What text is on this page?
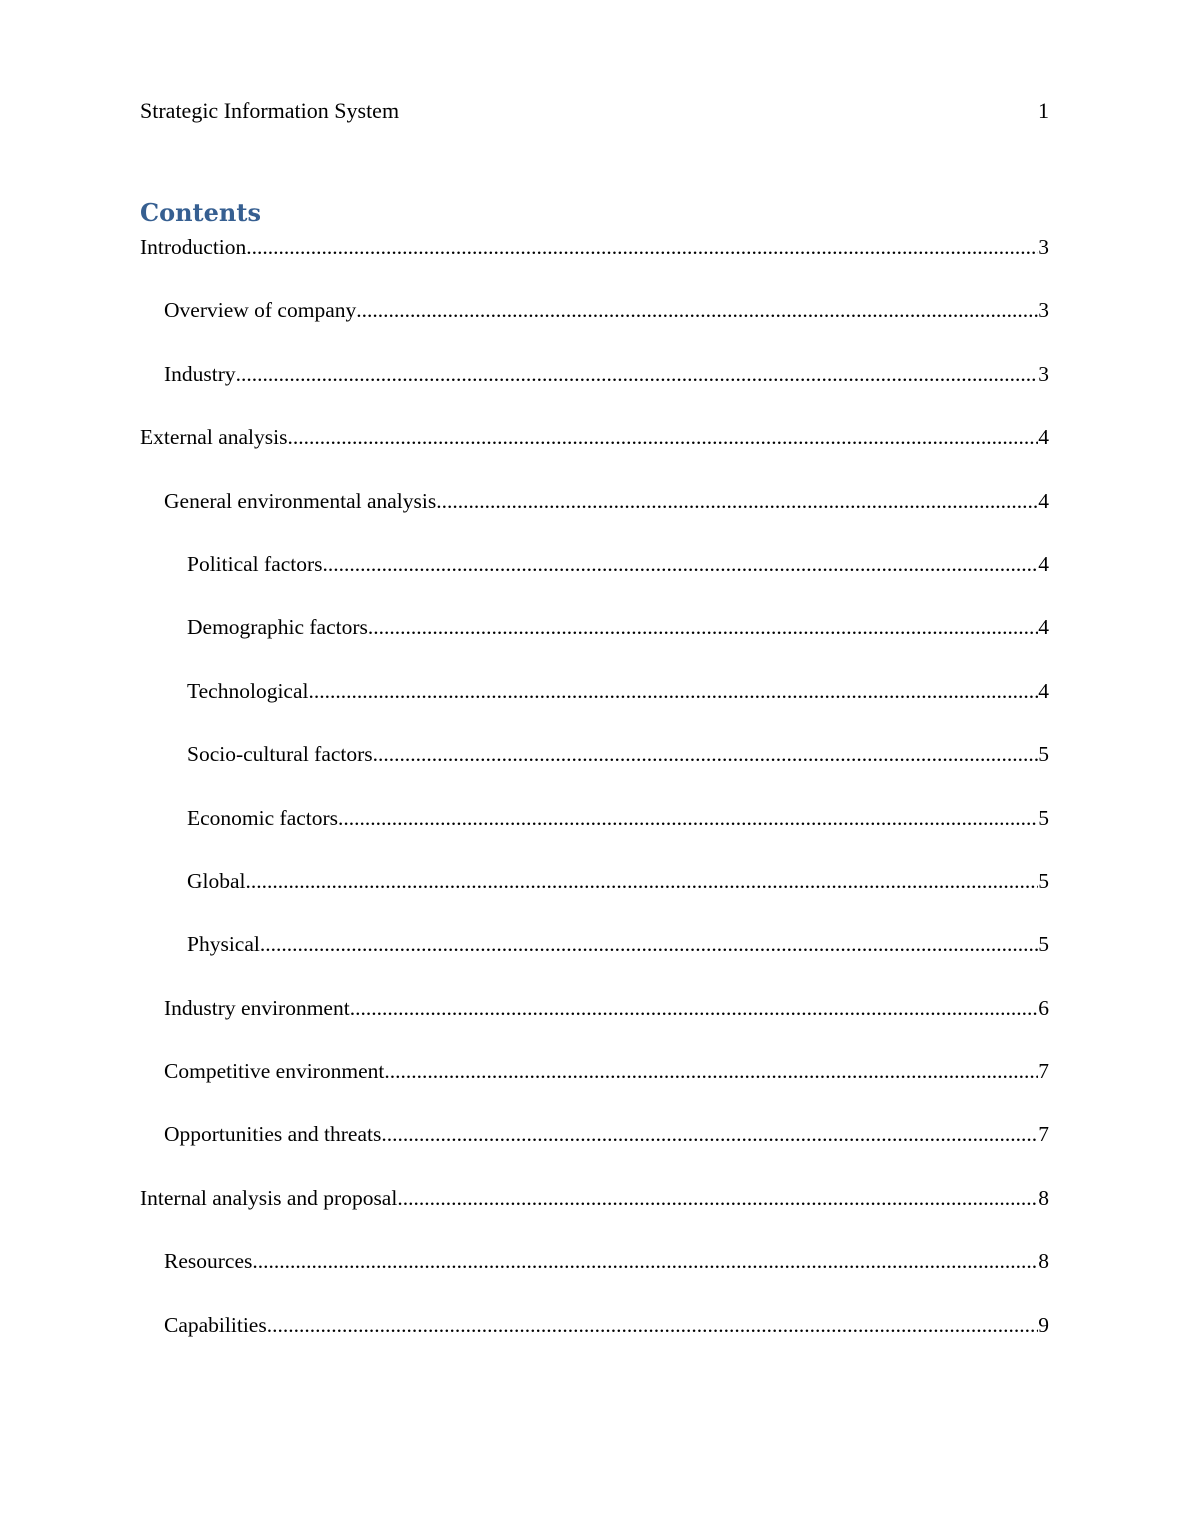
Strategic Information System	1
Contents
Introduction .....	3
Overview of company .....	3
Industry .....	3
External analysis .....	4
General environmental analysis .....	4
Political factors .....	4
Demographic factors .....	4
Technological .....	4
Socio-cultural factors .....	5
Economic factors .....	5
Global .....	5
Physical .....	5
Industry environment .....	6
Competitive environment .....	7
Opportunities and threats .....	7
Internal analysis and proposal .....	8
Resources .....	8
Capabilities .....	9
